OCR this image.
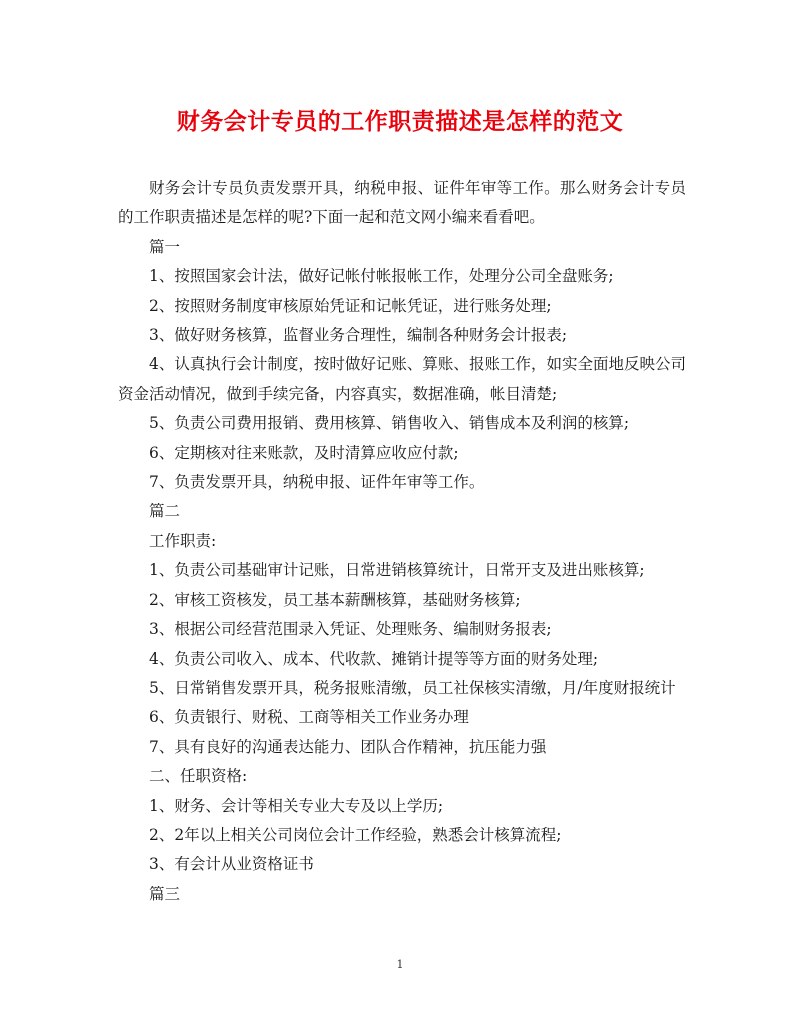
财务会计专员的工作职责描述是怎样的范文

财务会计专员负责发票开具，纳税申报、证件年审等工作。那么财务会计专员的工作职责描述是怎样的呢?下面一起和范文网小编来看看吧。

篇一

1、按照国家会计法，做好记帐付帐报帐工作，处理分公司全盘账务;

2、按照财务制度审核原始凭证和记帐凭证，进行账务处理;

3、做好财务核算，监督业务合理性，编制各种财务会计报表;

4、认真执行会计制度，按时做好记账、算账、报账工作，如实全面地反映公司资金活动情况，做到手续完备，内容真实，数据准确，帐目清楚;

5、负责公司费用报销、费用核算、销售收入、销售成本及利润的核算;

6、定期核对往来账款，及时清算应收应付款;

7、负责发票开具，纳税申报、证件年审等工作。

篇二

工作职责:

1、负责公司基础审计记账，日常进销核算统计，日常开支及进出账核算;

2、审核工资核发，员工基本薪酬核算，基础财务核算;

3、根据公司经营范围录入凭证、处理账务、编制财务报表;

4、负责公司收入、成本、代收款、摊销计提等等方面的财务处理;

5、日常销售发票开具，税务报账清缴，员工社保核实清缴，月/年度财报统计

6、负责银行、财税、工商等相关工作业务办理

7、具有良好的沟通表达能力、团队合作精神，抗压能力强

二、任职资格:

1、财务、会计等相关专业大专及以上学历;

2、2年以上相关公司岗位会计工作经验，熟悉会计核算流程;

3、有会计从业资格证书

篇三

1
